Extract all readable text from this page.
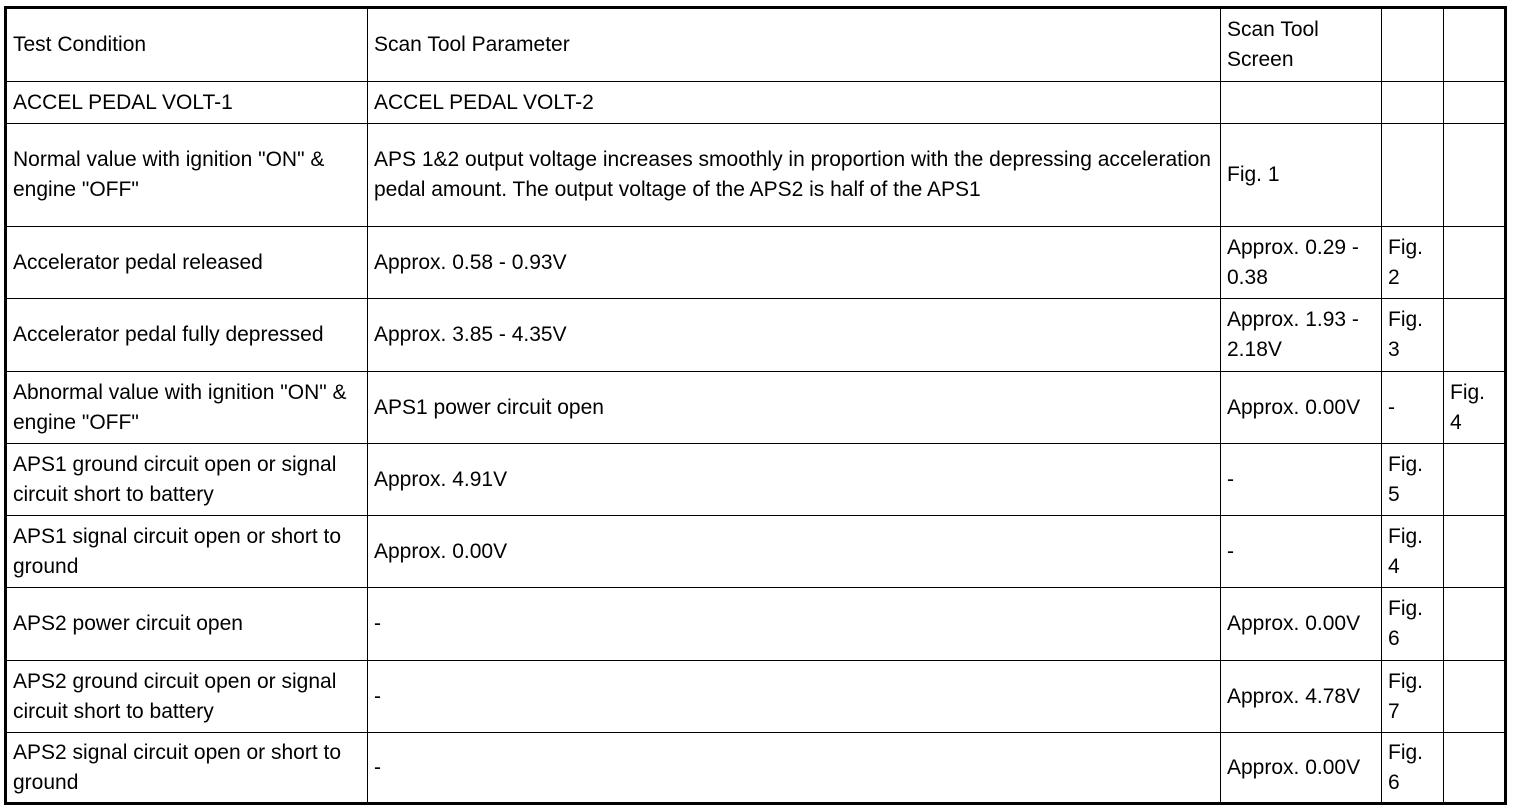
Test Condition	Scan Tool Parameter	Scan Tool Screen		
ACCEL PEDAL VOLT-1	ACCEL PEDAL VOLT-2			
Normal value with ignition "ON" & engine "OFF"	APS 1&2 output voltage increases smoothly in proportion with the depressing acceleration pedal amount. The output voltage of the APS2 is half of the APS1	Fig. 1		
Accelerator pedal released	Approx. 0.58 - 0.93V	Approx. 0.29 - 0.38	Fig. 2	
Accelerator pedal fully depressed	Approx. 3.85 - 4.35V	Approx. 1.93 - 2.18V	Fig. 3	
Abnormal value with ignition "ON" & engine "OFF"	APS1 power circuit open	Approx. 0.00V	-	Fig. 4
APS1 ground circuit open or signal circuit short to battery	Approx. 4.91V	-	Fig. 5	
APS1 signal circuit open or short to ground	Approx. 0.00V	-	Fig. 4	
APS2 power circuit open	-	Approx. 0.00V	Fig. 6	
APS2 ground circuit open or signal circuit short to battery	-	Approx. 4.78V	Fig. 7	
APS2 signal circuit open or short to ground	-	Approx. 0.00V	Fig. 6	
